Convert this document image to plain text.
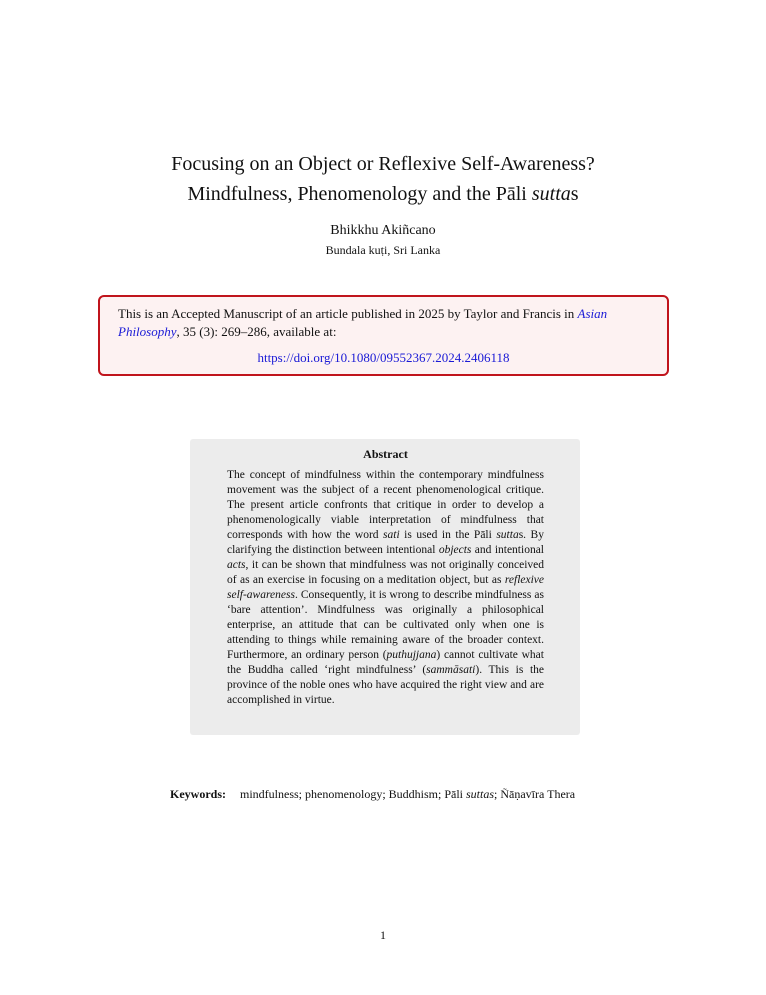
Focusing on an Object or Reflexive Self-Awareness?
Mindfulness, Phenomenology and the Pāli suttas
Bhikkhu Akiñcano
Bundala kuṭi, Sri Lanka
This is an Accepted Manuscript of an article published in 2025 by Taylor and Francis in Asian Philosophy, 35 (3): 269–286, available at:
https://doi.org/10.1080/09552367.2024.2406118
Abstract
The concept of mindfulness within the contemporary mindfulness movement was the subject of a recent phenomenological critique. The present article confronts that critique in order to develop a phenomenologically viable interpretation of mindfulness that corresponds with how the word sati is used in the Pāli suttas. By clarifying the distinction between intentional objects and intentional acts, it can be shown that mindfulness was not originally conceived of as an exercise in focusing on a meditation object, but as reflexive self-awareness. Consequently, it is wrong to describe mindfulness as ‘bare attention’. Mindfulness was originally a philosophical enterprise, an attitude that can be cultivated only when one is attending to things while remaining aware of the broader context. Furthermore, an ordinary person (puthujjana) cannot cultivate what the Buddha called ‘right mindfulness’ (sammāsati). This is the province of the noble ones who have acquired the right view and are accomplished in virtue.
Keywords: mindfulness; phenomenology; Buddhism; Pāli suttas; Ñāṇavīra Thera
1
